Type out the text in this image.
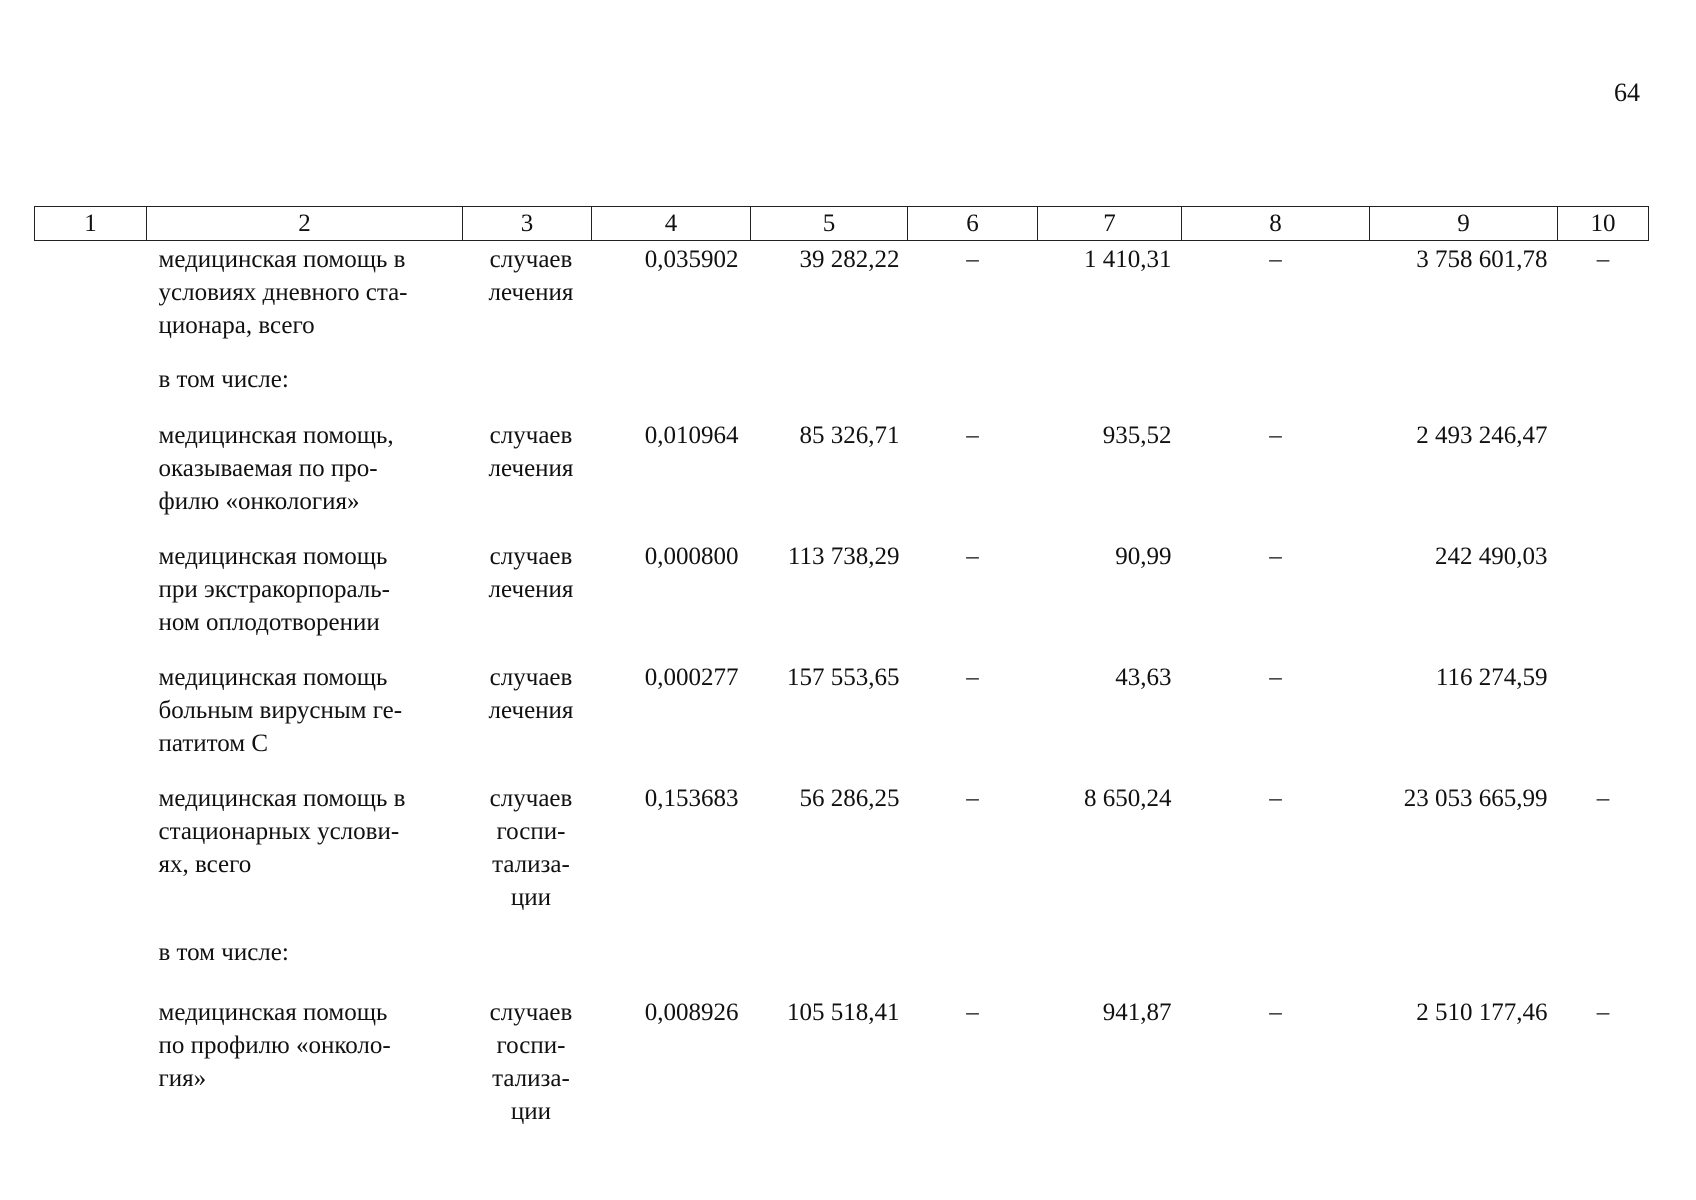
64
1	2	3	4	5	6	7	8	9	10

	медицинская помощь в
условиях дневного ста-
ционара, всего	случаев
лечения	0,035902	39 282,22	–	1 410,31	–	3 758 601,78	–
	в том числе:								

	медицинская помощь,
оказываемая по про-
филю «онкология»	случаев
лечения	0,010964	85 326,71	–	935,52	–	2 493 246,47	

	медицинская помощь
при экстракорпораль-
ном оплодотворении	случаев
лечения	0,000800	113 738,29	–	90,99	–	242 490,03	

	медицинская помощь
больным вирусным ге-
патитом С	случаев
лечения	0,000277	157 553,65	–	43,63	–	116 274,59	

	медицинская помощь в
стационарных услови-
ях, всего	случаев
госпи-
тализа-
ции	0,153683	56 286,25	–	8 650,24	–	23 053 665,99	–
	в том числе:								

	медицинская помощь
по профилю «онколо-
гия»	случаев
госпи-
тализа-
ции	0,008926	105 518,41	–	941,87	–	2 510 177,46	–
